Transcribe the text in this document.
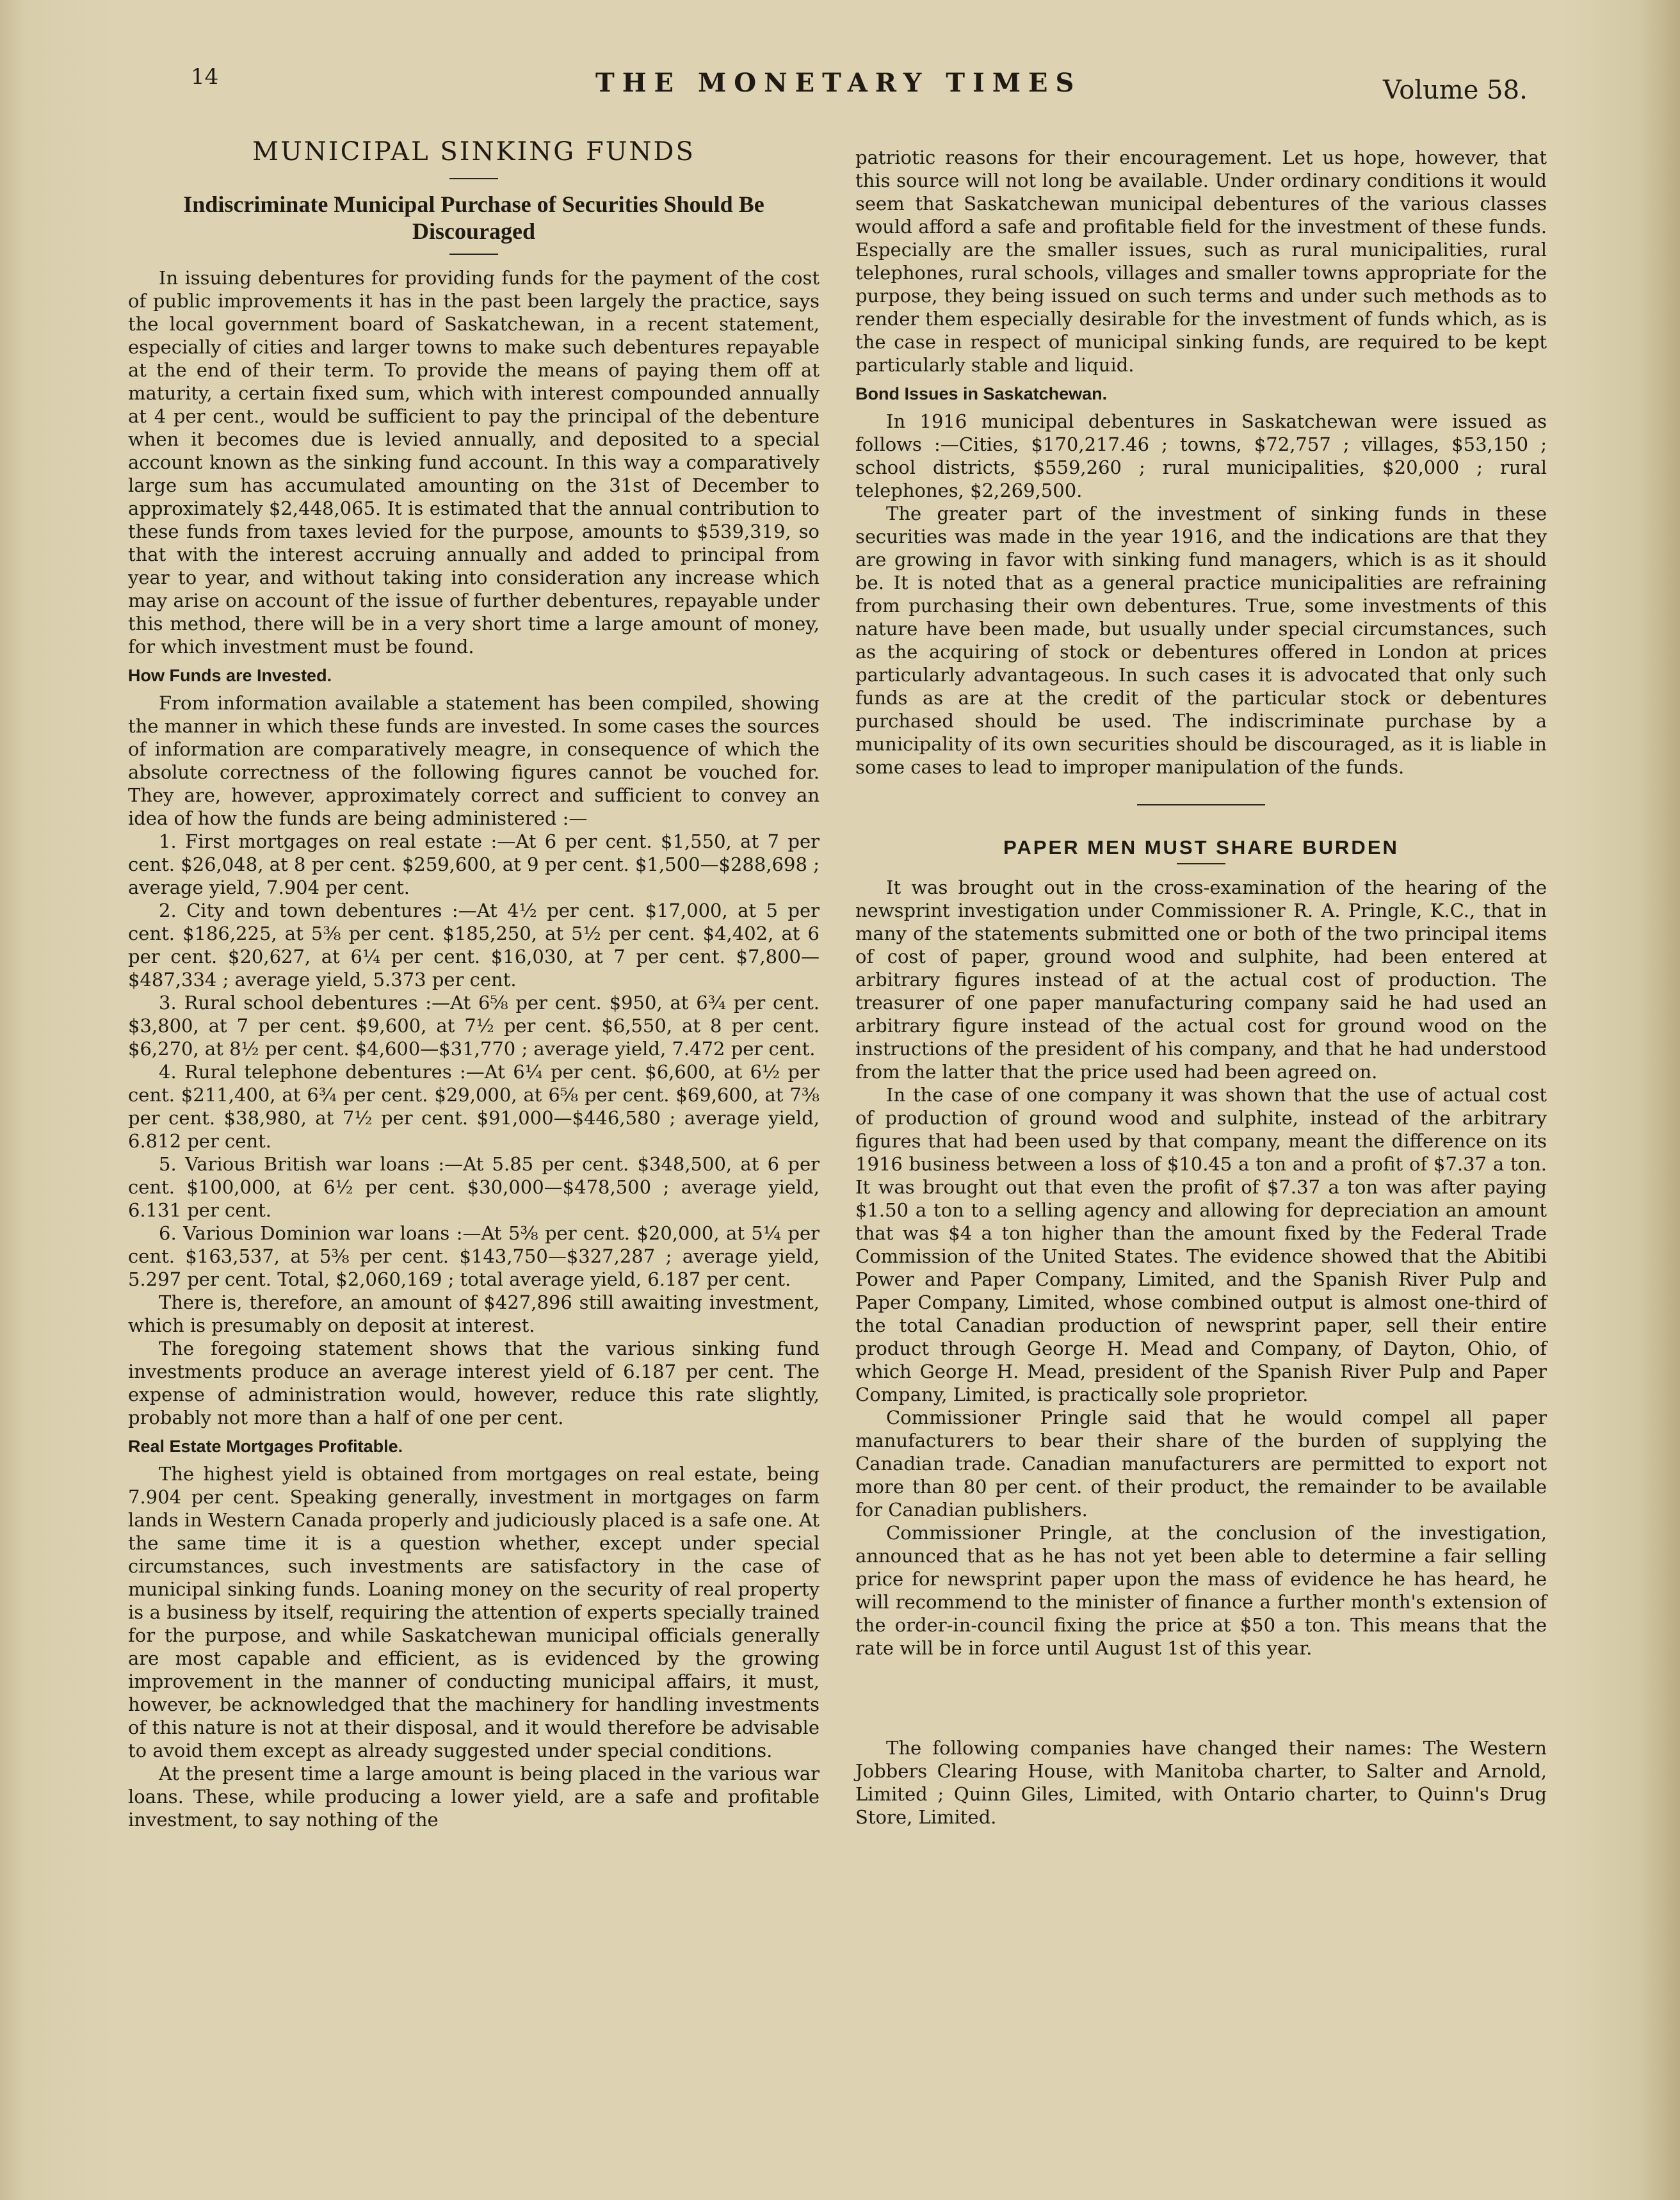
14	THE MONETARY TIMES	Volume 58.
MUNICIPAL SINKING FUNDS
Indiscriminate Municipal Purchase of Securities Should Be Discouraged

In issuing debentures for providing funds for the payment of the cost of public improvements it has in the past been largely the practice, says the local government board of Saskatchewan, in a recent statement, especially of cities and larger towns to make such debentures repayable at the end of their term. To provide the means of paying them off at maturity, a certain fixed sum, which with interest compounded annually at 4 per cent., would be sufficient to pay the principal of the debenture when it becomes due is levied annually, and deposited to a special account known as the sinking fund account. In this way a comparatively large sum has accumulated amounting on the 31st of December to approximately $2,448,065. It is estimated that the annual contribution to these funds from taxes levied for the purpose, amounts to $539,319, so that with the interest accruing annually and added to principal from year to year, and without taking into consideration any increase which may arise on account of the issue of further debentures, repayable under this method, there will be in a very short time a large amount of money, for which investment must be found.

How Funds are Invested.

From information available a statement has been compiled, showing the manner in which these funds are invested. In some cases the sources of information are comparatively meagre, in consequence of which the absolute correctness of the following figures cannot be vouched for. They are, however, approximately correct and sufficient to convey an idea of how the funds are being administered :—

1. First mortgages on real estate :—At 6 per cent. $1,550, at 7 per cent. $26,048, at 8 per cent. $259,600, at 9 per cent. $1,500—$288,698 ; average yield, 7.904 per cent.

2. City and town debentures :—At 4½ per cent. $17,000, at 5 per cent. $186,225, at 5⅜ per cent. $185,250, at 5½ per cent. $4,402, at 6 per cent. $20,627, at 6¼ per cent. $16,030, at 7 per cent. $7,800—$487,334 ; average yield, 5.373 per cent.

3. Rural school debentures :—At 6⅝ per cent. $950, at 6¾ per cent. $3,800, at 7 per cent. $9,600, at 7½ per cent. $6,550, at 8 per cent. $6,270, at 8½ per cent. $4,600—$31,770 ; average yield, 7.472 per cent.

4. Rural telephone debentures :—At 6¼ per cent. $6,600, at 6½ per cent. $211,400, at 6¾ per cent. $29,000, at 6⅝ per cent. $69,600, at 7⅜ per cent. $38,980, at 7½ per cent. $91,000—$446,580 ; average yield, 6.812 per cent.

5. Various British war loans :—At 5.85 per cent. $348,500, at 6 per cent. $100,000, at 6½ per cent. $30,000—$478,500 ; average yield, 6.131 per cent.

6. Various Dominion war loans :—At 5⅜ per cent. $20,000, at 5¼ per cent. $163,537, at 5⅜ per cent. $143,750—$327,287 ; average yield, 5.297 per cent. Total, $2,060,169 ; total average yield, 6.187 per cent.

There is, therefore, an amount of $427,896 still awaiting investment, which is presumably on deposit at interest.

The foregoing statement shows that the various sinking fund investments produce an average interest yield of 6.187 per cent. The expense of administration would, however, reduce this rate slightly, probably not more than a half of one per cent.

Real Estate Mortgages Profitable.

The highest yield is obtained from mortgages on real estate, being 7.904 per cent. Speaking generally, investment in mortgages on farm lands in Western Canada properly and judiciously placed is a safe one. At the same time it is a question whether, except under special circumstances, such investments are satisfactory in the case of municipal sinking funds. Loaning money on the security of real property is a business by itself, requiring the attention of experts specially trained for the purpose, and while Saskatchewan municipal officials generally are most capable and efficient, as is evidenced by the growing improvement in the manner of conducting municipal affairs, it must, however, be acknowledged that the machinery for handling investments of this nature is not at their disposal, and it would therefore be advisable to avoid them except as already suggested under special conditions.

At the present time a large amount is being placed in the various war loans. These, while producing a lower yield, are a safe and profitable investment, to say nothing of the

patriotic reasons for their encouragement. Let us hope, however, that this source will not long be available. Under ordinary conditions it would seem that Saskatchewan municipal debentures of the various classes would afford a safe and profitable field for the investment of these funds. Especially are the smaller issues, such as rural municipalities, rural telephones, rural schools, villages and smaller towns appropriate for the purpose, they being issued on such terms and under such methods as to render them especially desirable for the investment of funds which, as is the case in respect of municipal sinking funds, are required to be kept particularly stable and liquid.

Bond Issues in Saskatchewan.

In 1916 municipal debentures in Saskatchewan were issued as follows :—Cities, $170,217.46 ; towns, $72,757 ; villages, $53,150 ; school districts, $559,260 ; rural municipalities, $20,000 ; rural telephones, $2,269,500.

The greater part of the investment of sinking funds in these securities was made in the year 1916, and the indications are that they are growing in favor with sinking fund managers, which is as it should be. It is noted that as a general practice municipalities are refraining from purchasing their own debentures. True, some investments of this nature have been made, but usually under special circumstances, such as the acquiring of stock or debentures offered in London at prices particularly advantageous. In such cases it is advocated that only such funds as are at the credit of the particular stock or debentures purchased should be used. The indiscriminate purchase by a municipality of its own securities should be discouraged, as it is liable in some cases to lead to improper manipulation of the funds.

PAPER MEN MUST SHARE BURDEN

It was brought out in the cross-examination of the hearing of the newsprint investigation under Commissioner R. A. Pringle, K.C., that in many of the statements submitted one or both of the two principal items of cost of paper, ground wood and sulphite, had been entered at arbitrary figures instead of at the actual cost of production. The treasurer of one paper manufacturing company said he had used an arbitrary figure instead of the actual cost for ground wood on the instructions of the president of his company, and that he had understood from the latter that the price used had been agreed on.

In the case of one company it was shown that the use of actual cost of production of ground wood and sulphite, instead of the arbitrary figures that had been used by that company, meant the difference on its 1916 business between a loss of $10.45 a ton and a profit of $7.37 a ton. It was brought out that even the profit of $7.37 a ton was after paying $1.50 a ton to a selling agency and allowing for depreciation an amount that was $4 a ton higher than the amount fixed by the Federal Trade Commission of the United States. The evidence showed that the Abitibi Power and Paper Company, Limited, and the Spanish River Pulp and Paper Company, Limited, whose combined output is almost one-third of the total Canadian production of newsprint paper, sell their entire product through George H. Mead and Company, of Dayton, Ohio, of which George H. Mead, president of the Spanish River Pulp and Paper Company, Limited, is practically sole proprietor.

Commissioner Pringle said that he would compel all paper manufacturers to bear their share of the burden of supplying the Canadian trade. Canadian manufacturers are permitted to export not more than 80 per cent. of their product, the remainder to be available for Canadian publishers.

Commissioner Pringle, at the conclusion of the investigation, announced that as he has not yet been able to determine a fair selling price for newsprint paper upon the mass of evidence he has heard, he will recommend to the minister of finance a further month's extension of the order-in-council fixing the price at $50 a ton. This means that the rate will be in force until August 1st of this year.

The following companies have changed their names: The Western Jobbers Clearing House, with Manitoba charter, to Salter and Arnold, Limited ; Quinn Giles, Limited, with Ontario charter, to Quinn's Drug Store, Limited.
